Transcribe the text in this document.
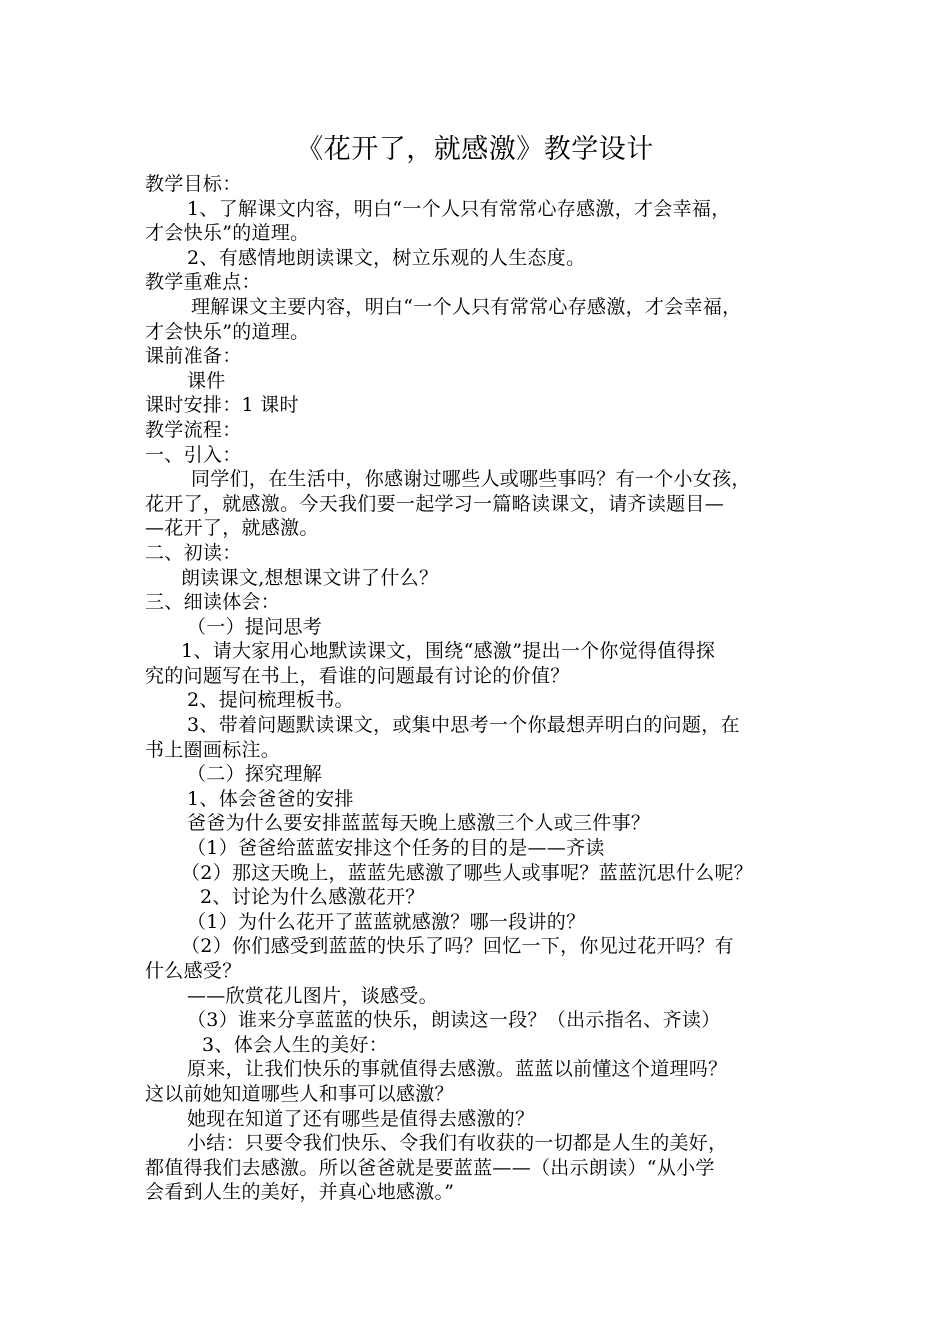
《花开了，就感激》教学设计
教学目标：
1、了解课文内容，明白“一个人只有常常心存感激，才会幸福，
才会快乐”的道理。
2、有感情地朗读课文，树立乐观的人生态度。
教学重难点：
理解课文主要内容，明白“一个人只有常常心存感激，才会幸福，
才会快乐”的道理。
课前准备：
课件
课时安排：1 课时
教学流程：
一、引入：
同学们，在生活中，你感谢过哪些人或哪些事吗？有一个小女孩，
花开了，就感激。今天我们要一起学习一篇略读课文，请齐读题目—
—花开了，就感激。
二、初读：
朗读课文,想想课文讲了什么？
三、细读体会：
（一）提问思考
1、请大家用心地默读课文，围绕“感激”提出一个你觉得值得探
究的问题写在书上，看谁的问题最有讨论的价值？
2、提问梳理板书。
3、带着问题默读课文，或集中思考一个你最想弄明白的问题，在
书上圈画标注。
（二）探究理解
1、体会爸爸的安排
爸爸为什么要安排蓝蓝每天晚上感激三个人或三件事？
（1）爸爸给蓝蓝安排这个任务的目的是——齐读
（2）那这天晚上，蓝蓝先感激了哪些人或事呢？蓝蓝沉思什么呢？
2、讨论为什么感激花开？
（1）为什么花开了蓝蓝就感激？哪一段讲的？
（2）你们感受到蓝蓝的快乐了吗？回忆一下，你见过花开吗？有
什么感受？
——欣赏花儿图片，谈感受。
（3）谁来分享蓝蓝的快乐，朗读这一段？（出示指名、齐读）
3、体会人生的美好：
原来，让我们快乐的事就值得去感激。蓝蓝以前懂这个道理吗？
这以前她知道哪些人和事可以感激？
她现在知道了还有哪些是值得去感激的？
小结：只要令我们快乐、令我们有收获的一切都是人生的美好，
都值得我们去感激。所以爸爸就是要蓝蓝——（出示朗读）“从小学
会看到人生的美好，并真心地感激。”
